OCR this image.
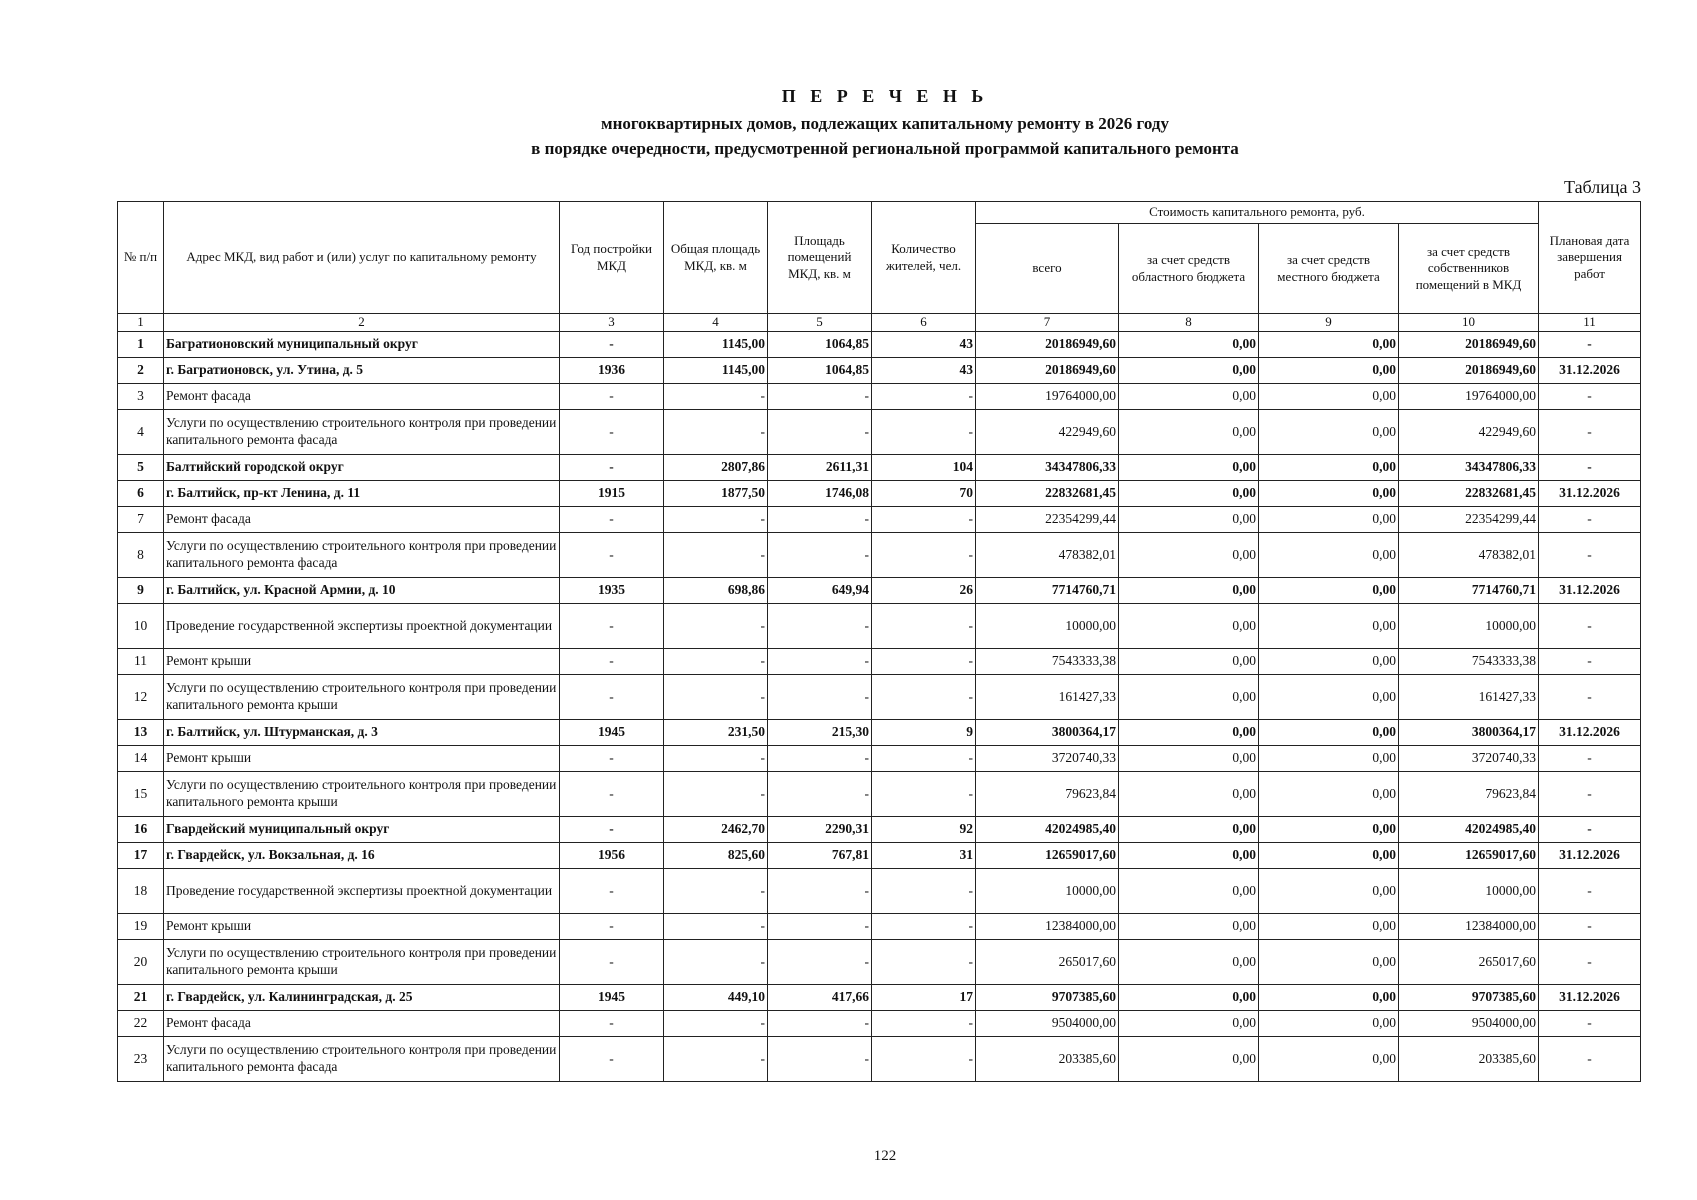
П Е Р Е Ч Е Н Ь
многоквартирных домов, подлежащих капитальному ремонту в 2026 году
в порядке очередности, предусмотренной региональной программой капитального ремонта
Таблица 3
№ п/п	Адрес МКД, вид работ и (или) услуг по капитальному ремонту	Год постройки МКД	Общая площадь МКД, кв. м	Площадь помещений МКД, кв. м	Количество жителей, чел.	Стоимость капитального ремонта, руб.				Плановая дата завершения работ
						всего	за счет средств областного бюджета	за счет средств местного бюджета	за счет средств собственников помещений в МКД	
1	2	3	4	5	6	7	8	9	10	11
1	Багратионовский муниципальный округ	-	1145,00	1064,85	43	20186949,60	0,00	0,00	20186949,60	-
2	г. Багратионовск, ул. Утина, д. 5	1936	1145,00	1064,85	43	20186949,60	0,00	0,00	20186949,60	31.12.2026
3	Ремонт фасада	-	-	-	-	19764000,00	0,00	0,00	19764000,00	-
4	Услуги по осуществлению строительного контроля при проведении капитального ремонта фасада	-	-	-	-	422949,60	0,00	0,00	422949,60	-
5	Балтийский городской округ	-	2807,86	2611,31	104	34347806,33	0,00	0,00	34347806,33	-
6	г. Балтийск, пр-кт Ленина, д. 11	1915	1877,50	1746,08	70	22832681,45	0,00	0,00	22832681,45	31.12.2026
7	Ремонт фасада	-	-	-	-	22354299,44	0,00	0,00	22354299,44	-
8	Услуги по осуществлению строительного контроля при проведении капитального ремонта фасада	-	-	-	-	478382,01	0,00	0,00	478382,01	-
9	г. Балтийск, ул. Красной Армии, д. 10	1935	698,86	649,94	26	7714760,71	0,00	0,00	7714760,71	31.12.2026
10	Проведение государственной экспертизы проектной документации	-	-	-	-	10000,00	0,00	0,00	10000,00	-
11	Ремонт крыши	-	-	-	-	7543333,38	0,00	0,00	7543333,38	-
12	Услуги по осуществлению строительного контроля при проведении капитального ремонта крыши	-	-	-	-	161427,33	0,00	0,00	161427,33	-
13	г. Балтийск, ул. Штурманская, д. 3	1945	231,50	215,30	9	3800364,17	0,00	0,00	3800364,17	31.12.2026
14	Ремонт крыши	-	-	-	-	3720740,33	0,00	0,00	3720740,33	-
15	Услуги по осуществлению строительного контроля при проведении капитального ремонта крыши	-	-	-	-	79623,84	0,00	0,00	79623,84	-
16	Гвардейский муниципальный округ	-	2462,70	2290,31	92	42024985,40	0,00	0,00	42024985,40	-
17	г. Гвардейск, ул. Вокзальная, д. 16	1956	825,60	767,81	31	12659017,60	0,00	0,00	12659017,60	31.12.2026
18	Проведение государственной экспертизы проектной документации	-	-	-	-	10000,00	0,00	0,00	10000,00	-
19	Ремонт крыши	-	-	-	-	12384000,00	0,00	0,00	12384000,00	-
20	Услуги по осуществлению строительного контроля при проведении капитального ремонта крыши	-	-	-	-	265017,60	0,00	0,00	265017,60	-
21	г. Гвардейск, ул. Калининградская, д. 25	1945	449,10	417,66	17	9707385,60	0,00	0,00	9707385,60	31.12.2026
22	Ремонт фасада	-	-	-	-	9504000,00	0,00	0,00	9504000,00	-
23	Услуги по осуществлению строительного контроля при проведении капитального ремонта фасада	-	-	-	-	203385,60	0,00	0,00	203385,60	-
122
